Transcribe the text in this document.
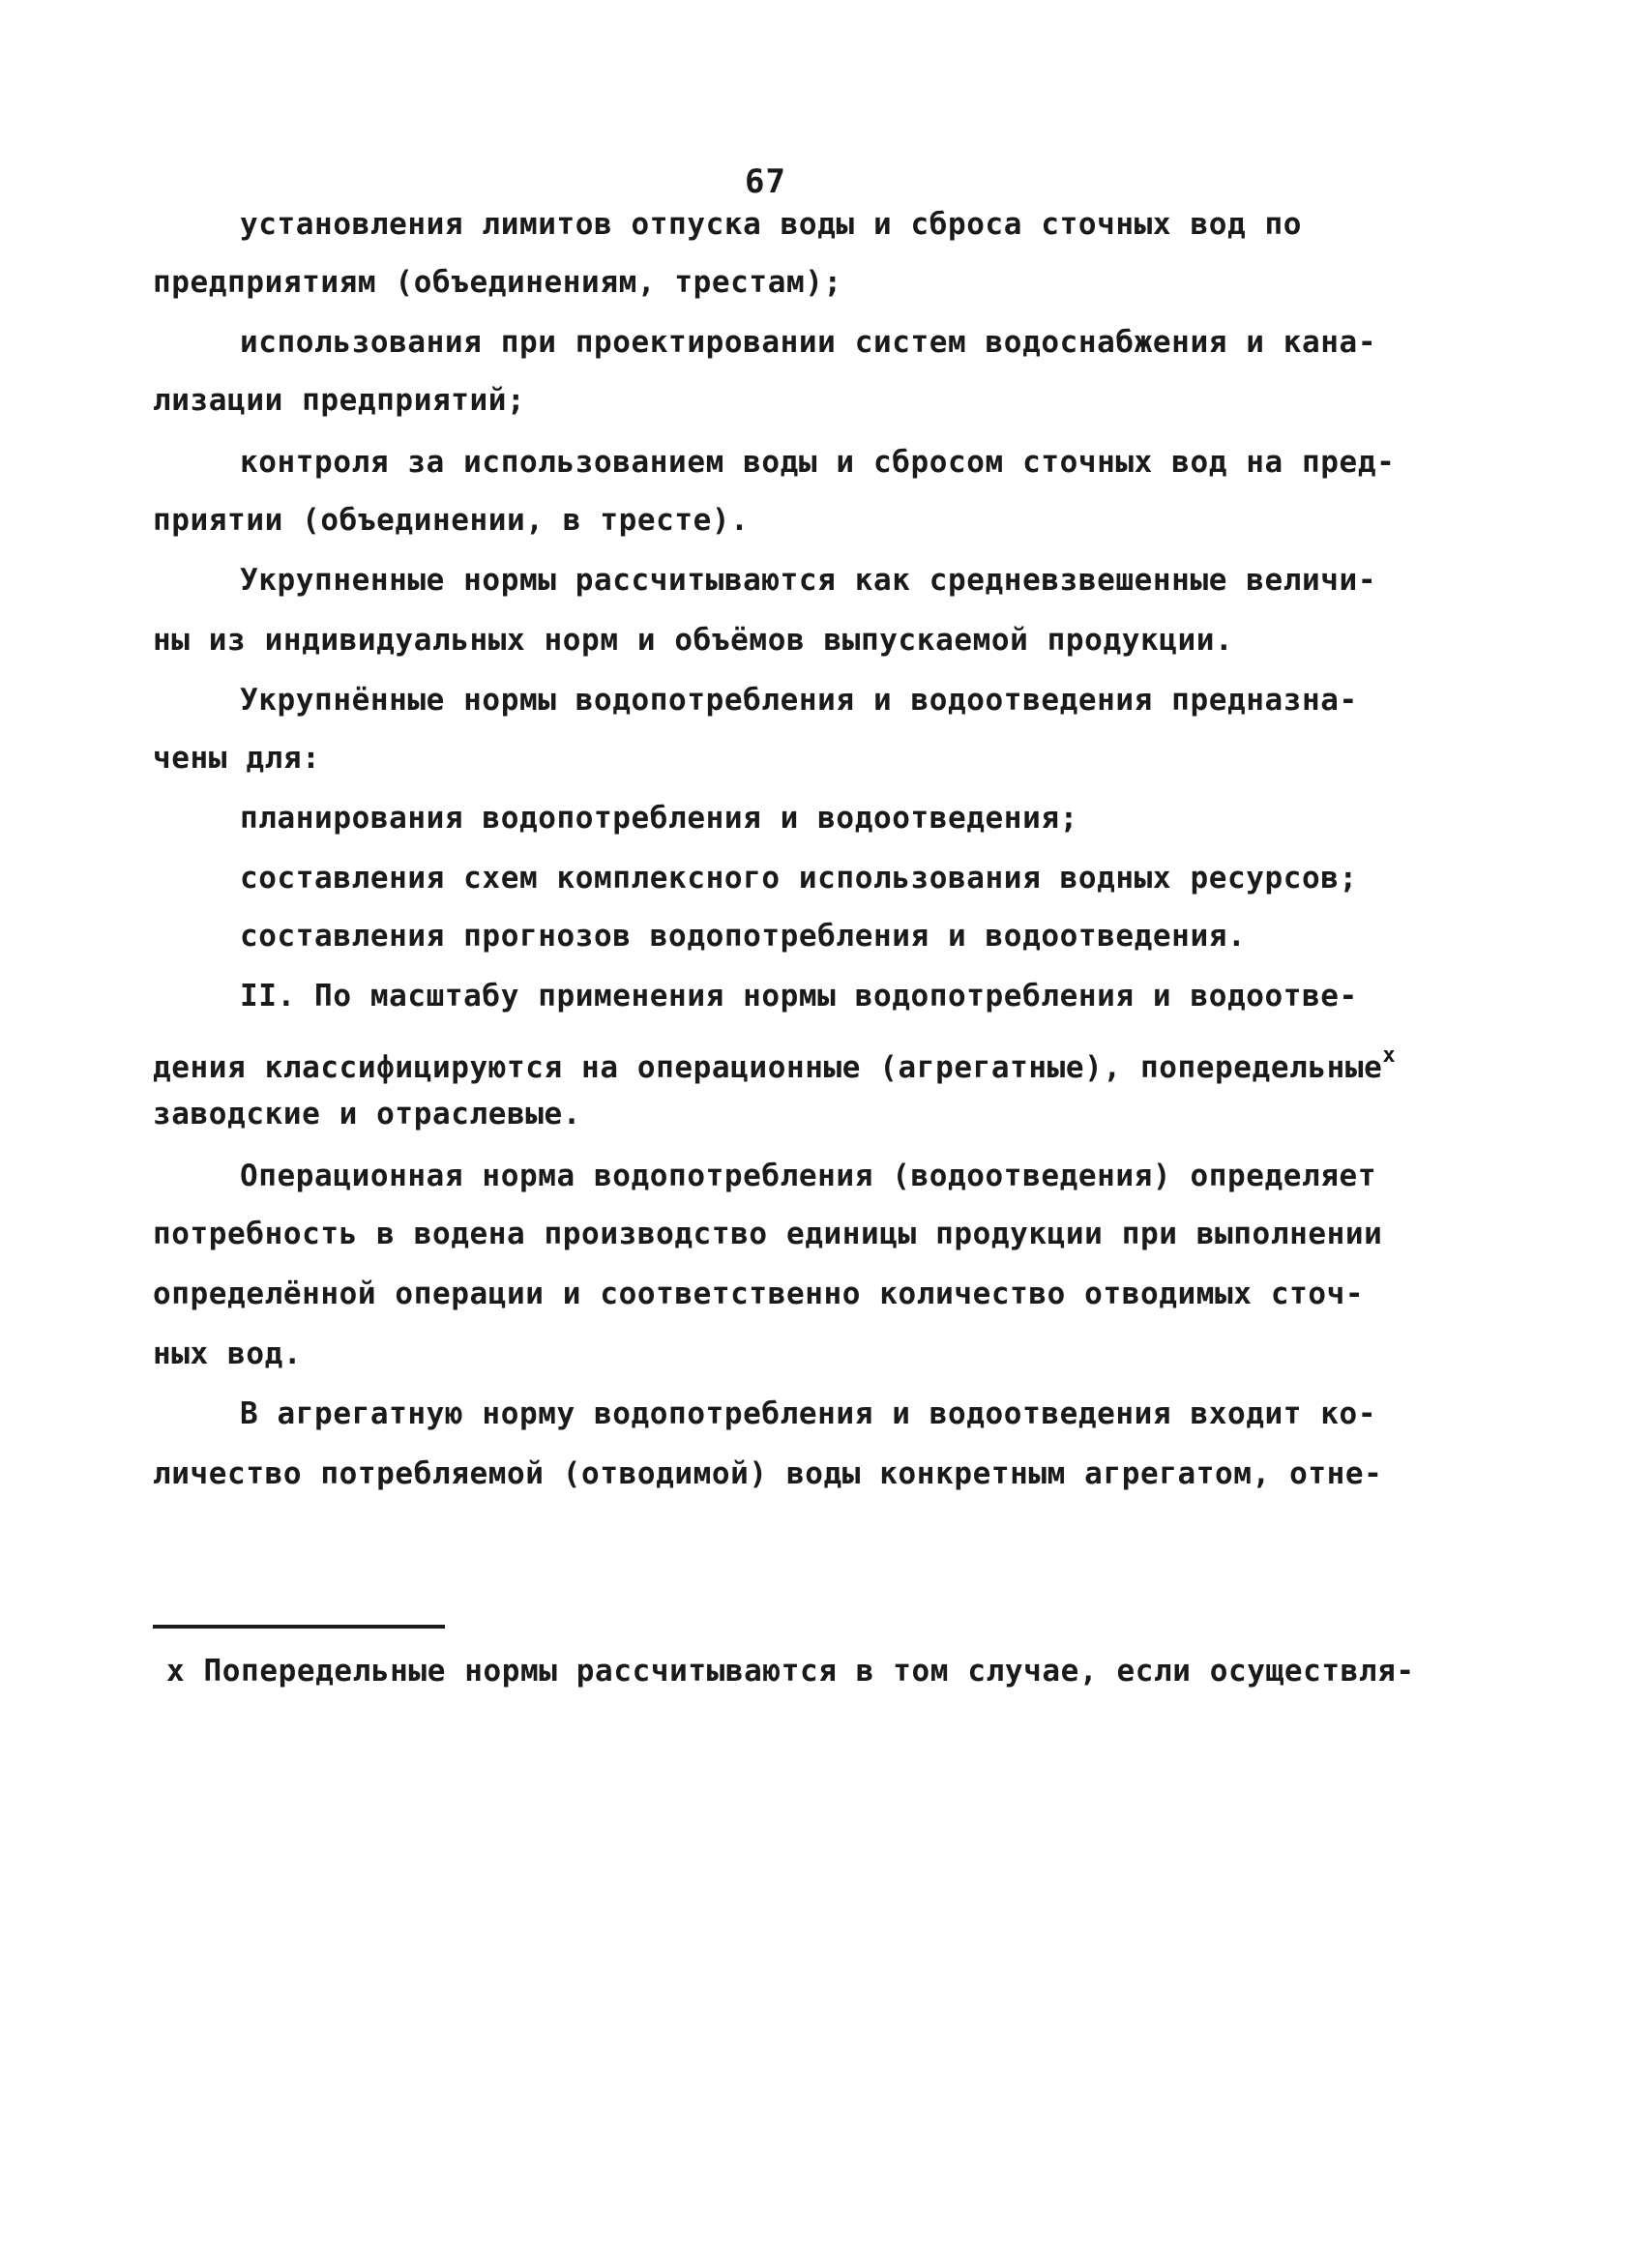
67
установления лимитов отпуска воды и сброса сточных вод по
предприятиям (объединениям, трестам);
использования при проектировании систем водоснабжения и кана-
лизации предприятий;
контроля за использованием воды и сбросом сточных вод на пред-
приятии (объединении, в тресте).
Укрупненные нормы рассчитываются как средневзвешенные величи-
ны из индивидуальных норм и объёмов выпускаемой продукции.
Укрупнённые нормы водопотребления и водоотведения предназна-
чены для:
планирования водопотребления и водоотведения;
составления схем комплексного использования водных ресурсов;
составления прогнозов водопотребления и водоотведения.
II. По масштабу применения нормы водопотребления и водоотве-
дения классифицируются на операционные (агрегатные), попередельные$^х$
заводские и отраслевые.
Операционная норма водопотребления (водоотведения) определяет
потребность в водена производство единицы продукции при выполнении
определённой операции и соответственно количество отводимых сточ-
ных вод.
В агрегатную норму водопотребления и водоотведения входит ко-
личество потребляемой (отводимой) воды конкретным агрегатом, отне-
х Попередельные нормы рассчитываются в том случае, если осуществля-
